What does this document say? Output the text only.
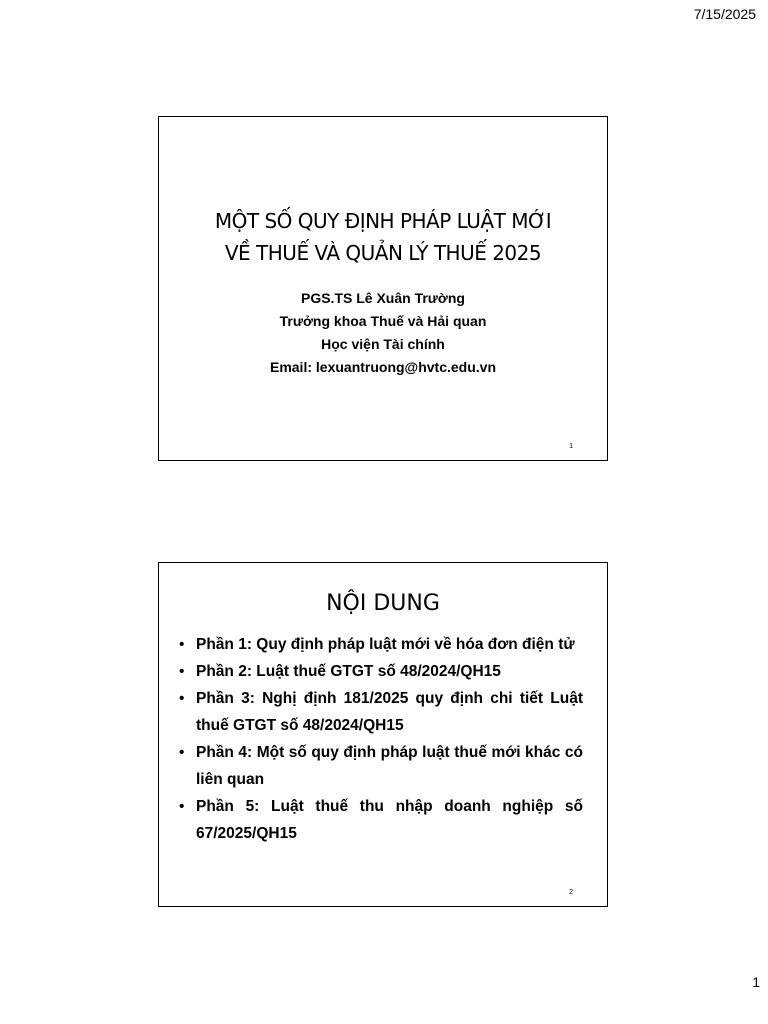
7/15/2025
MỘT SỐ QUY ĐỊNH PHÁP LUẬT MỚI
VỀ THUẾ VÀ QUẢN LÝ THUẾ 2025
PGS.TS Lê Xuân Trường
Trưởng khoa Thuế và Hải quan
Học viện Tài chính
Email: lexuantruong@hvtc.edu.vn
1
NỘI DUNG
• Phần 1: Quy định pháp luật mới về hóa đơn điện tử
• Phần 2: Luật thuế GTGT số 48/2024/QH15
• Phần 3: Nghị định 181/2025 quy định chi tiết Luật thuế GTGT số 48/2024/QH15
• Phần 4: Một số quy định pháp luật thuế mới khác có liên quan
• Phần 5: Luật thuế thu nhập doanh nghiệp số 67/2025/QH15
2
1
